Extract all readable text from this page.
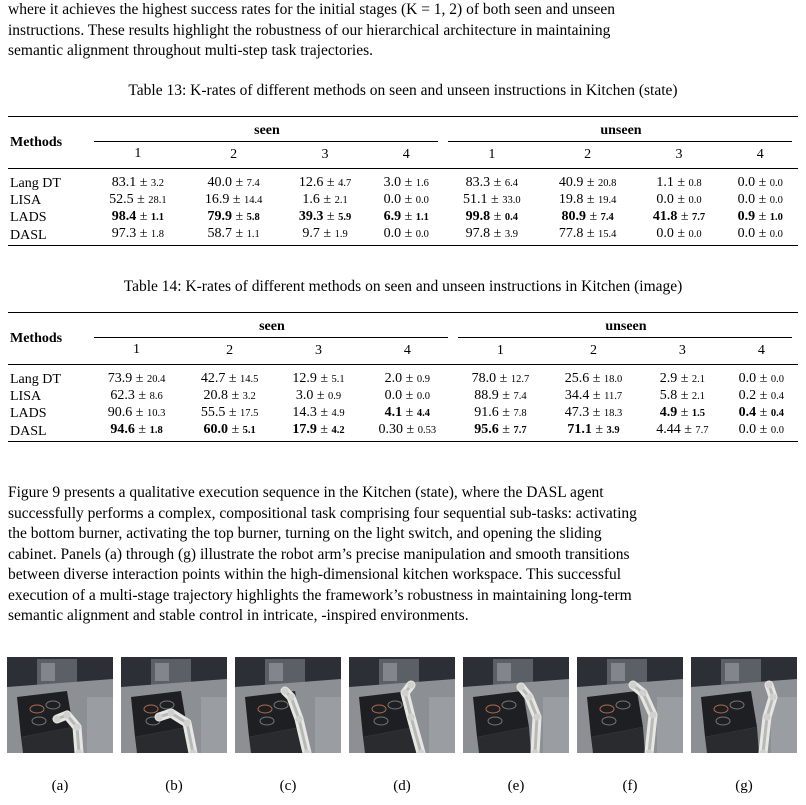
where it achieves the highest success rates for the initial stages (K = 1, 2) of both seen and unseen
instructions. These results highlight the robustness of our hierarchical architecture in maintaining
semantic alignment throughout multi-step task trajectories.

Table 13: K-rates of different methods on seen and unseen instructions in Kitchen (state)

Methods	seen				unseen			

	1	2	3	4	1	2	3	4
Lang DT	83.1 ± 3.2	40.0 ± 7.4	12.6 ± 4.7	3.0 ± 1.6	83.3 ± 6.4	40.9 ± 20.8	1.1 ± 0.8	0.0 ± 0.0
LISA	52.5 ± 28.1	16.9 ± 14.4	1.6 ± 2.1	0.0 ± 0.0	51.1 ± 33.0	19.8 ± 19.4	0.0 ± 0.0	0.0 ± 0.0
LADS	98.4 ± 1.1	79.9 ± 5.8	39.3 ± 5.9	6.9 ± 1.1	99.8 ± 0.4	80.9 ± 7.4	41.8 ± 7.7	0.9 ± 1.0
DASL	97.3 ± 1.8	58.7 ± 1.1	9.7 ± 1.9	0.0 ± 0.0	97.8 ± 3.9	77.8 ± 15.4	0.0 ± 0.0	0.0 ± 0.0

Table 14: K-rates of different methods on seen and unseen instructions in Kitchen (image)

Methods	seen				unseen			

	1	2	3	4	1	2	3	4
Lang DT	73.9 ± 20.4	42.7 ± 14.5	12.9 ± 5.1	2.0 ± 0.9	78.0 ± 12.7	25.6 ± 18.0	2.9 ± 2.1	0.0 ± 0.0
LISA	62.3 ± 8.6	20.8 ± 3.2	3.0 ± 0.9	0.0 ± 0.0	88.9 ± 7.4	34.4 ± 11.7	5.8 ± 2.1	0.2 ± 0.4
LADS	90.6 ± 10.3	55.5 ± 17.5	14.3 ± 4.9	4.1 ± 4.4	91.6 ± 7.8	47.3 ± 18.3	4.9 ± 1.5	0.4 ± 0.4
DASL	94.6 ± 1.8	60.0 ± 5.1	17.9 ± 4.2	0.30 ± 0.53	95.6 ± 7.7	71.1 ± 3.9	4.44 ± 7.7	0.0 ± 0.0

Figure 9 presents a qualitative execution sequence in the Kitchen (state), where the DASL agent
successfully performs a complex, compositional task comprising four sequential sub-tasks: activating
the bottom burner, activating the top burner, turning on the light switch, and opening the sliding
cabinet. Panels (a) through (g) illustrate the robot arm’s precise manipulation and smooth transitions
between diverse interaction points within the high-dimensional kitchen workspace. This successful
execution of a multi-stage trajectory highlights the framework’s robustness in maintaining long-term
semantic alignment and stable control in intricate, -inspired environments.

(a)	(b)	(c)	(d)	(e)	(f)	(g)
